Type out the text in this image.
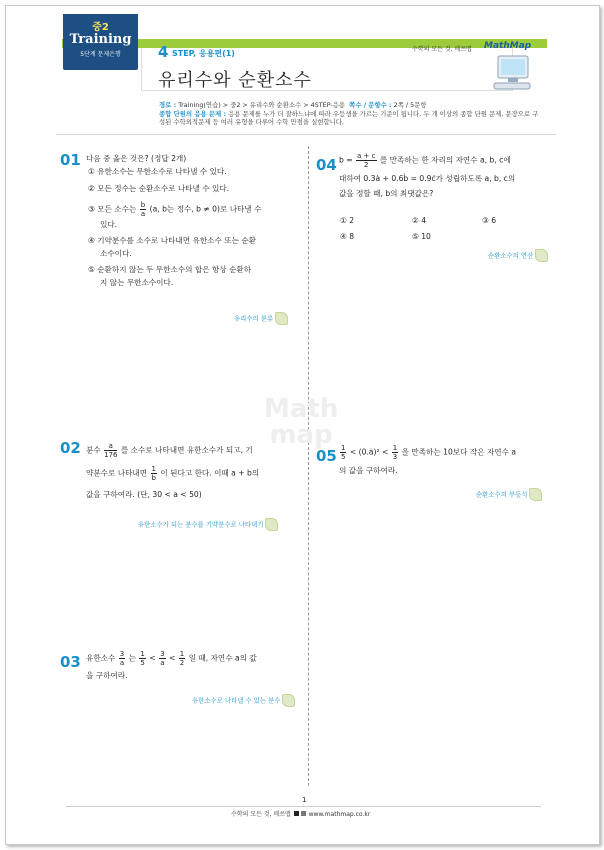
중2
Training
5단계 문제은행	4 STEP, 응용편(1)
유리수와 순환소수
수학의 모든 것, 매쓰맵 MathMap
경로 : Training(연습) > 중2 > 유리수와 순환소수 > 4STEP-응용 쪽수 / 문항수 : 2쪽 / 5문항
종합 단원의 응용 문제 : 응용 문제를 누가 더 잘하느냐에 따라 우등생을 가르는 기준이 됩니다. 두 개 이상의 종합 단원 문제, 문장으로 구성된 수학외적문제 등 여러 유형을 다루어 수학 만점을 실현합니다.
01 다음 중 옳은 것은? (정답 2개)
① 유한소수는 무한소수로 나타낼 수 있다.
② 모든 정수는 순환소수로 나타낼 수 있다.
③ 모든 소수는 $\frac{b}{a} (a$, b는 정수, b ≠ 0)로 나타낼 수
있다.
④ 기약분수를 소수로 나타내면 유한소수 또는 순환
소수이다.
⑤ 순환하지 않는 두 무한소수의 합은 항상 순환하
지 않는 무한소수이다.
유리수의 분류
02 분수 $\frac{a}{176}$ 를 소수로 나타내면 유한소수가 되고, 기
약분수로 나타내면 $\frac{1}{b}$ 이 된다고 한다. 이때 a + b의
값을 구하여라. (단, 30 < a < 50)
유한소수가 되는 분수를 기약분수로 나타내기
03 유한소수 $\frac{3}{a}$ 는 $\frac{1}{5} < \frac{3}{a} < \frac{1}{2}$ 일 때, 자연수 a의 값
을 구하여라.
유한소수로 나타낼 수 있는 분수
04 $b = \frac{a + c}{2}$ 를 만족하는 한 자리의 자연수 a, b, c에
대하여 0.3ȧ + 0.6ḃ = 0.9ċ가 성립하도록 a, b, c의
값을 정할 때, b의 최댓값은?
① 2	② 4	③ 6
④ 8	⑤ 10
순환소수의 연산
$05 \frac{1}{5}$ < (0.ȧ)² < $\frac{1}{3}$ 을 만족하는 10보다 작은 자연수 a
의 값을 구하여라.
순환소수의 부등식
Math
map
1
수학의 모든 것, 매쓰맵	www.mathmap.co.kr
